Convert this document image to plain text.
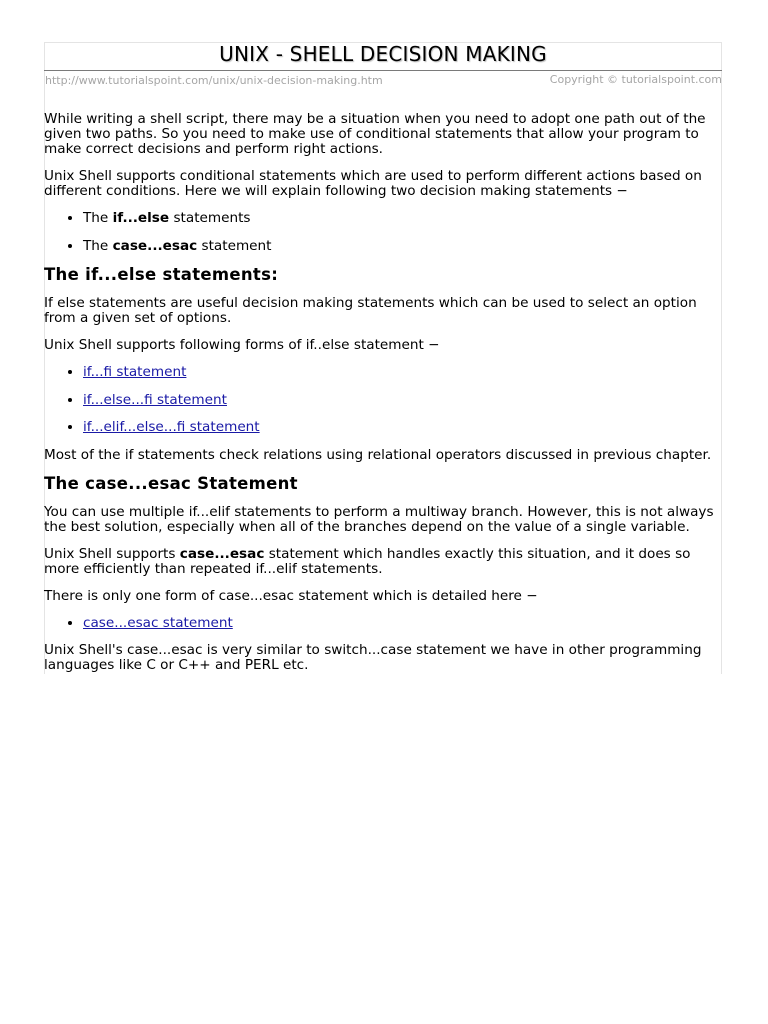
UNIX - SHELL DECISION MAKING
http://www.tutorialspoint.com/unix/unix-decision-making.htm	Copyright © tutorialspoint.com

While writing a shell script, there may be a situation when you need to adopt one path out of the given two paths. So you need to make use of conditional statements that allow your program to make correct decisions and perform right actions.

Unix Shell supports conditional statements which are used to perform different actions based on different conditions. Here we will explain following two decision making statements −

• The if...else statements
• The case...esac statement
The if...else statements:

If else statements are useful decision making statements which can be used to select an option from a given set of options.

Unix Shell supports following forms of if..else statement −

• if...fi statement
• if...else...fi statement
• if...elif...else...fi statement

Most of the if statements check relations using relational operators discussed in previous chapter.

The case...esac Statement

You can use multiple if...elif statements to perform a multiway branch. However, this is not always the best solution, especially when all of the branches depend on the value of a single variable.

Unix Shell supports case...esac statement which handles exactly this situation, and it does so more efficiently than repeated if...elif statements.

There is only one form of case...esac statement which is detailed here −

• case...esac statement

Unix Shell's case...esac is very similar to switch...case statement we have in other programming languages like C or C++ and PERL etc.
